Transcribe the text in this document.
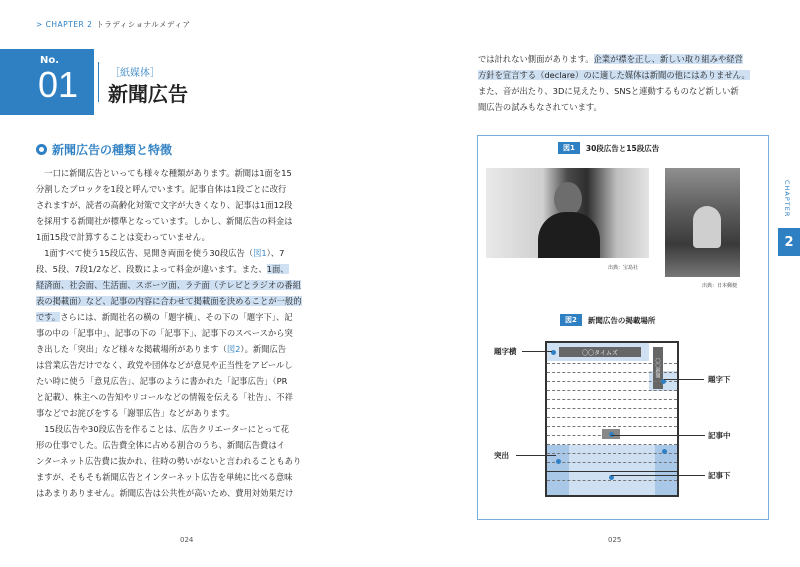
> CHAPTER 2 トラディショナルメディア
No.
01	［紙媒体］
新聞広告
新聞広告の種類と特徴

　一口に新聞広告といっても様々な種類があります。新聞は1面を15

分割したブロックを1段と呼んでいます。記事自体は1段ごとに改行

されますが、読者の高齢化対策で文字が大きくなり、記事は1面12段

を採用する新聞社が標準となっています。しかし、新聞広告の料金は

1面15段で計算することは変わっていません。

　1面すべて使う15段広告、見開き両面を使う30段広告（図1）、7

段、5段、7段1/2など、段数によって料金が違います。また、1面、

経済面、社会面、生活面、スポーツ面、ラテ面（テレビとラジオの番組

表の掲載面）など、記事の内容に合わせて掲載面を決めることが一般的

です。さらには、新聞社名の横の「題字横」、その下の「題字下」、記

事の中の「記事中」、記事の下の「記事下」、記事下のスペースから突

き出した「突出」など様々な掲載場所があります（図2）。新聞広告

は営業広告だけでなく、政党や団体などが意見や正当性をアピールし

たい時に使う「意見広告」、記事のように書かれた「記事広告」（PR

と記載）、株主への告知やリコールなどの情報を伝える「社告」、不祥

事などでお詫びをする「謝罪広告」などがあります。

　15段広告や30段広告を作ることは、広告クリエーターにとって花

形の仕事でした。広告費全体に占める割合のうち、新聞広告費はイ

ンターネット広告費に抜かれ、往時の勢いがないと言われることもあり

ますが、そもそも新聞広告とインターネット広告を単純に比べる意味

はあまりありません。新聞広告は公共性が高いため、費用対効果だけ

024

では計れない側面があります。企業が襟を正し、新しい取り組みや経営

方針を宣言する（declare）のに適した媒体は新聞の他にはありません。

また、音が出たり、3Dに見えたり、SNSと連動するものなど新しい新

聞広告の試みもなされています。

図1	30段広告と15段広告
出典：宝島社
出典：日本郵便
図2	新聞広告の掲載場所
〇〇タイムズ
〇〇新聞
題字横
題字下
記事中
突出
記事下
CHAPTER
2
025
